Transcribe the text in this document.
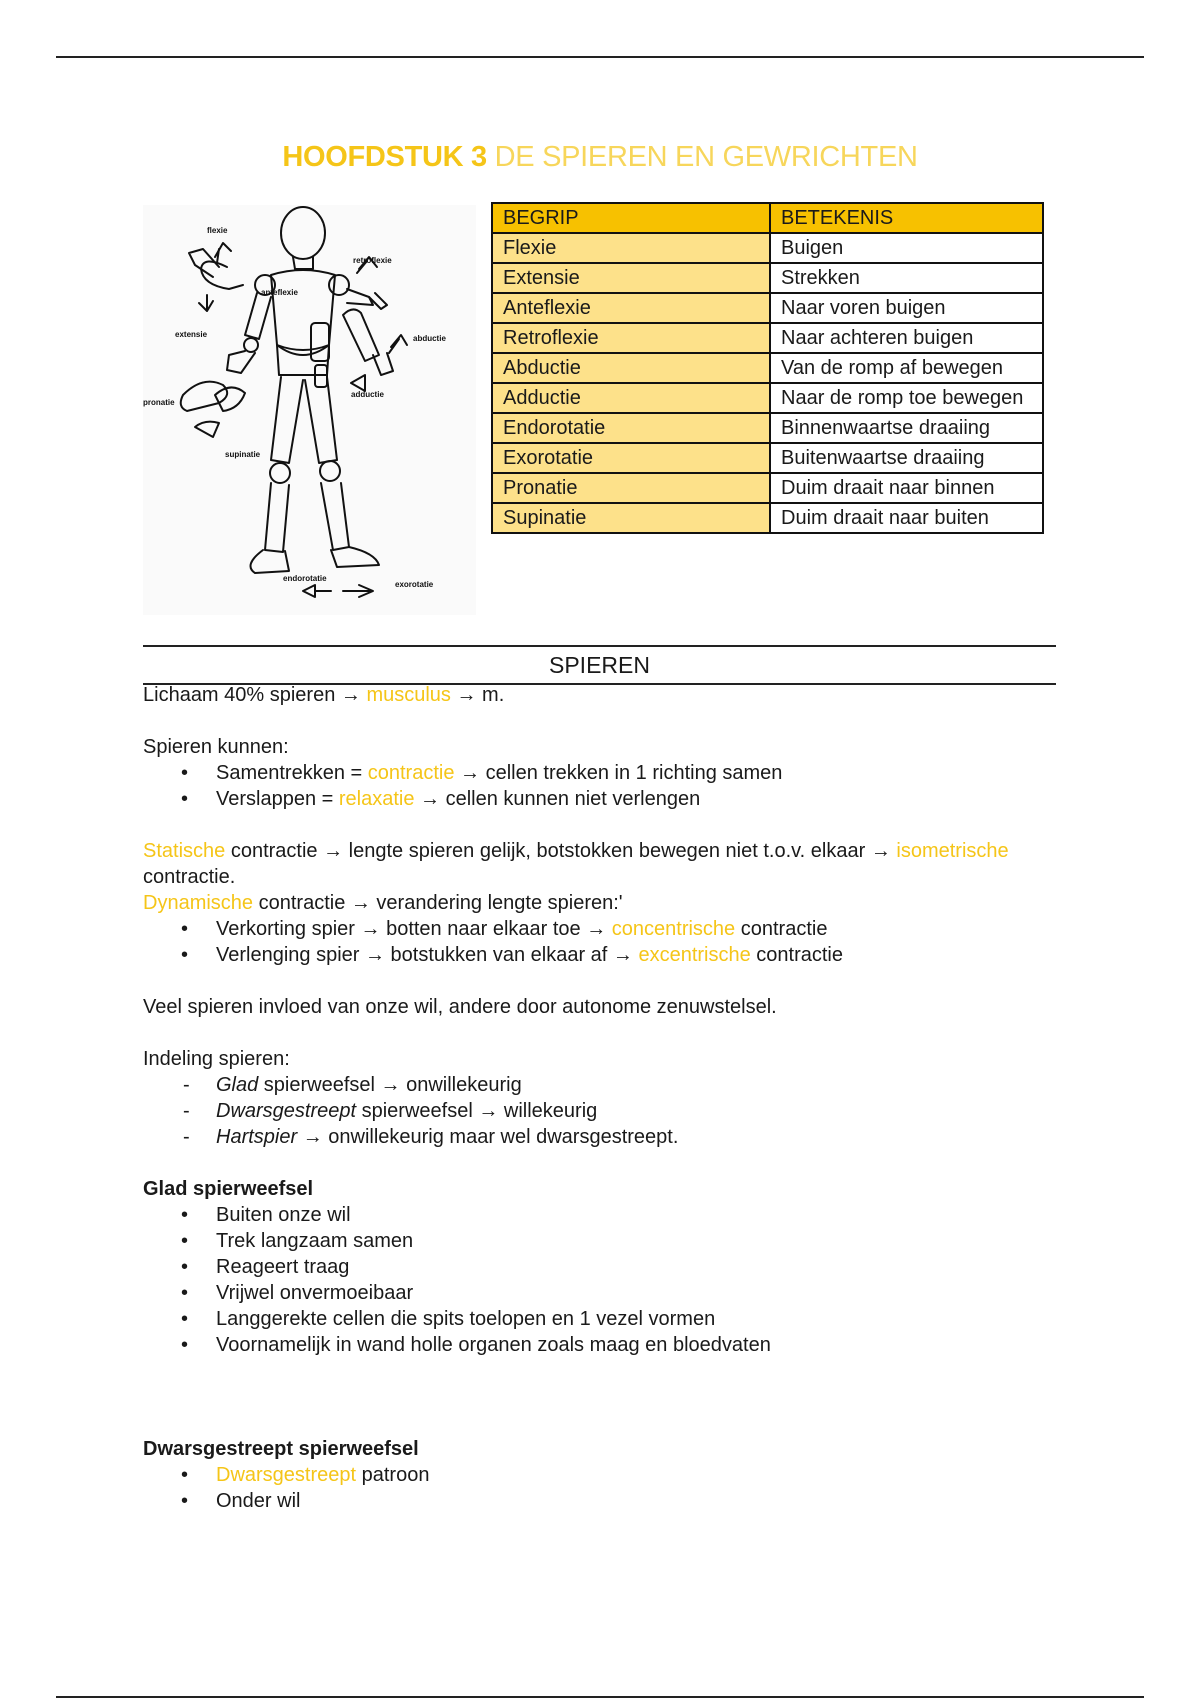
HOOFDSTUK 3 DE SPIEREN EN GEWRICHTEN
flexie
retroflexie
anteflexie
extensie	abductie
adductie
pronatie
supinatie
endorotatie
exorotatie
BEGRIP	BETEKENIS
Flexie	Buigen
Extensie	Strekken
Anteflexie	Naar voren buigen
Retroflexie	Naar achteren buigen
Abductie	Van de romp af bewegen
Adductie	Naar de romp toe bewegen
Endorotatie	Binnenwaartse draaiing
Exorotatie	Buitenwaartse draaiing
Pronatie	Duim draait naar binnen
Supinatie	Duim draait naar buiten
SPIEREN

Lichaam 40% spieren → musculus → m.

Spieren kunnen:

• Samentrekken = contractie → cellen trekken in 1 richting samen
• Verslappen = relaxatie → cellen kunnen niet verlengen

Statische contractie → lengte spieren gelijk, botstokken bewegen niet t.o.v. elkaar → isometrische

contractie.

Dynamische contractie → verandering lengte spieren:'

• Verkorting spier → botten naar elkaar toe → concentrische contractie
• Verlenging spier → botstukken van elkaar af → excentrische contractie

Veel spieren invloed van onze wil, andere door autonome zenuwstelsel.

Indeling spieren:

- Glad spierweefsel → onwillekeurig
- Dwarsgestreept spierweefsel → willekeurig
- Hartspier → onwillekeurig maar wel dwarsgestreept.

Glad spierweefsel

• Buiten onze wil
• Trek langzaam samen
• Reageert traag
• Vrijwel onvermoeibaar
• Langgerekte cellen die spits toelopen en 1 vezel vormen
• Voornamelijk in wand holle organen zoals maag en bloedvaten

Dwarsgestreept spierweefsel

• Dwarsgestreept patroon
• Onder wil
